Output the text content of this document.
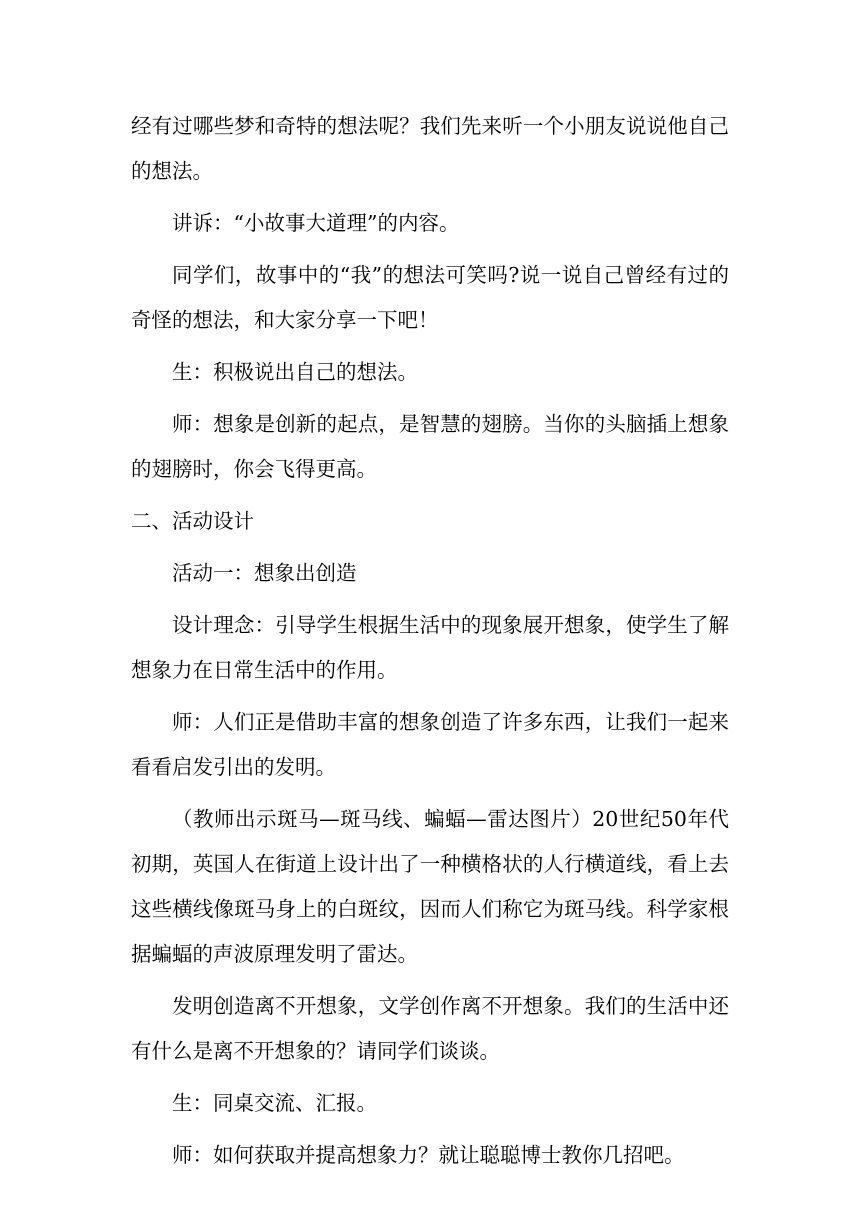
经有过哪些梦和奇特的想法呢？我们先来听一个小朋友说说他自己的想法。

讲诉：“小故事大道理”的内容。

同学们，故事中的“我”的想法可笑吗?说一说自己曾经有过的奇怪的想法，和大家分享一下吧！

生：积极说出自己的想法。

师：想象是创新的起点，是智慧的翅膀。当你的头脑插上想象的翅膀时，你会飞得更高。

二、活动设计

活动一：想象出创造

设计理念：引导学生根据生活中的现象展开想象，使学生了解想象力在日常生活中的作用。

师：人们正是借助丰富的想象创造了许多东西，让我们一起来看看启发引出的发明。

（教师出示斑马—斑马线、蝙蝠—雷达图片）20世纪50年代初期，英国人在街道上设计出了一种横格状的人行横道线，看上去这些横线像斑马身上的白斑纹，因而人们称它为斑马线。科学家根据蝙蝠的声波原理发明了雷达。

发明创造离不开想象，文学创作离不开想象。我们的生活中还有什么是离不开想象的？请同学们谈谈。

生：同桌交流、汇报。

师：如何获取并提高想象力？就让聪聪博士教你几招吧。
